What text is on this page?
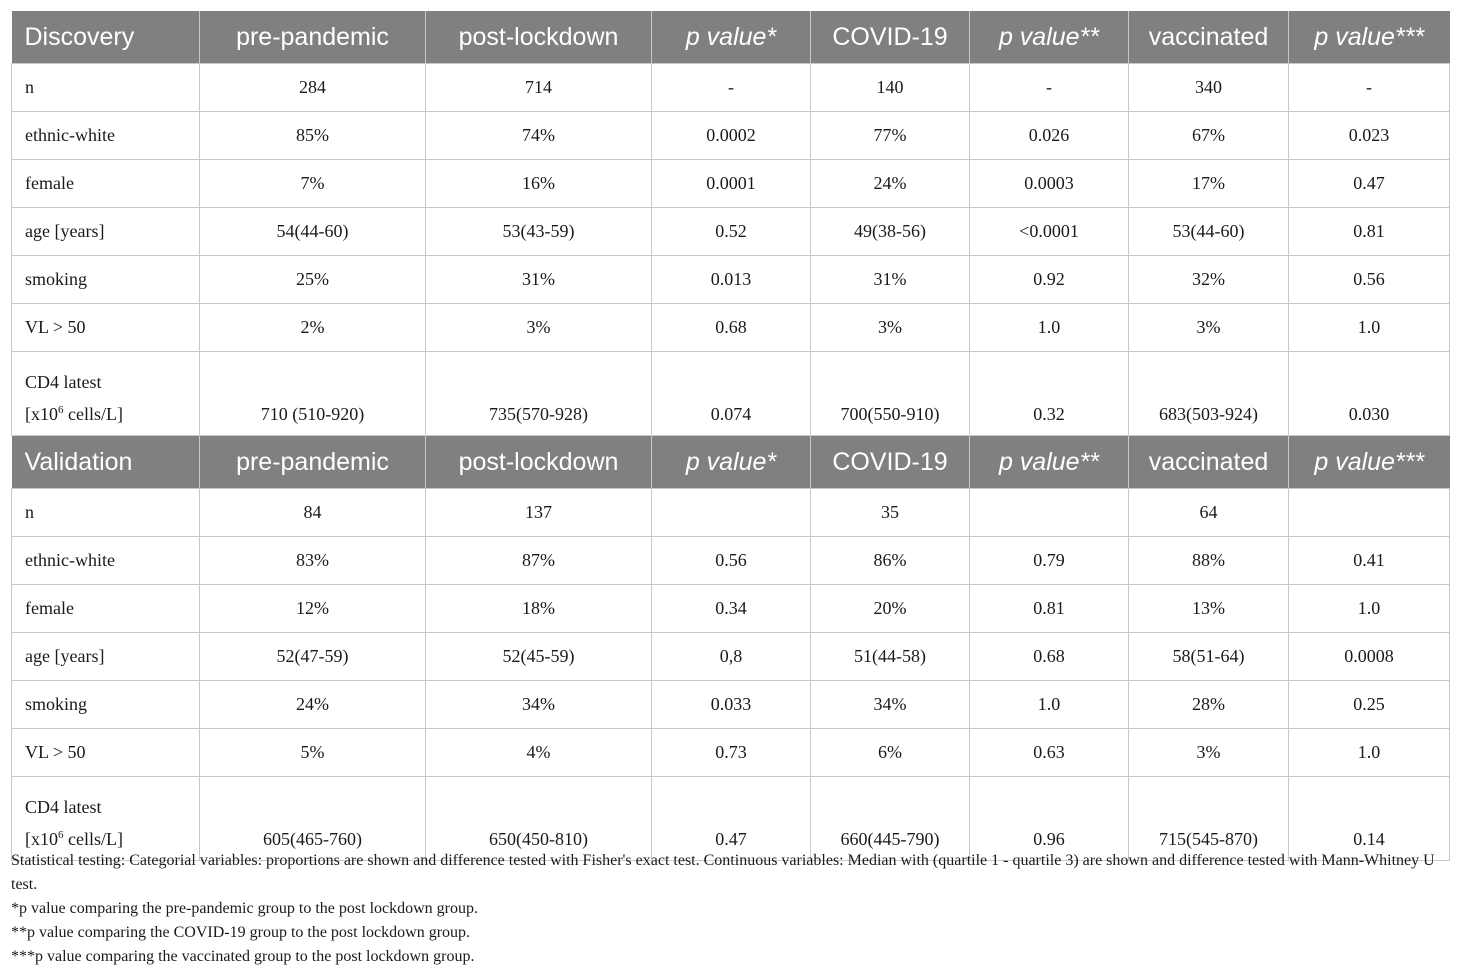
Discovery	pre-pandemic	post-lockdown	p value*	COVID-19	p value**	vaccinated	p value***
n	284	714	-	140	-	340	-
ethnic-white	85%	74%	0.0002	77%	0.026	67%	0.023
female	7%	16%	0.0001	24%	0.0003	17%	0.47
age [years]	54(44-60)	53(43-59)	0.52	49(38-56)	<0.0001	53(44-60)	0.81
smoking	25%	31%	0.013	31%	0.92	32%	0.56
VL > 50	2%	3%	0.68	3%	1.0	3%	1.0
CD4 latest
[$x10^6$ cells/L]	710 (510-920)	735(570-928)	0.074	700(550-910)	0.32	683(503-924)	0.030
Validation	pre-pandemic	post-lockdown	p value*	COVID-19	p value**	vaccinated	p value***
n	84	137		35		64	
ethnic-white	83%	87%	0.56	86%	0.79	88%	0.41
female	12%	18%	0.34	20%	0.81	13%	1.0
age [years]	52(47-59)	52(45-59)	0,8	51(44-58)	0.68	58(51-64)	0.0008
smoking	24%	34%	0.033	34%	1.0	28%	0.25
VL > 50	5%	4%	0.73	6%	0.63	3%	1.0
CD4 latest
[$x10^6$ cells/L]	605(465-760)	650(450-810)	0.47	660(445-790)	0.96	715(545-870)	0.14

Statistical testing: Categorial variables: proportions are shown and difference tested with Fisher's exact test. Continuous variables: Median with (quartile 1 - quartile 3) are shown and difference tested with Mann-Whitney U test.

*p value comparing the pre-pandemic group to the post lockdown group.

**p value comparing the COVID-19 group to the post lockdown group.

***p value comparing the vaccinated group to the post lockdown group.
